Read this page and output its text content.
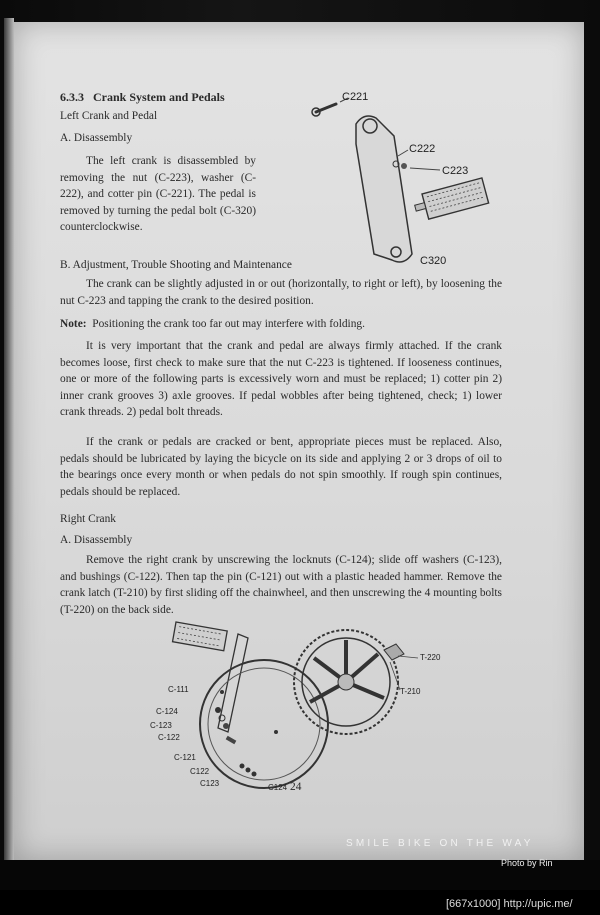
6.3.3 Crank System and Pedals
Left Crank and Pedal
A. Disassembly

The left crank is disassembled by removing the nut (C-223), washer (C-222), and cotter pin (C-221). The pedal is removed by turning the pedal bolt (C-320) counterclockwise.

C221
C222
C223
C320
B. Adjustment, Trouble Shooting and Maintenance

The crank can be slightly adjusted in or out (horizontally, to right or left), by loosening the nut C-223 and tapping the crank to the desired position.

Note: Positioning the crank too far out may interfere with folding.

It is very important that the crank and pedal are always firmly attached. If the crank becomes loose, first check to make sure that the nut C-223 is tightened. If looseness continues, one or more of the following parts is excessively worn and must be replaced; 1) cotter pin 2) inner crank grooves 3) axle grooves. If pedal wobbles after being tightened, check; 1) lower crank threads. 2) pedal bolt threads.

If the crank or pedals are cracked or bent, appropriate pieces must be replaced. Also, pedals should be lubricated by laying the bicycle on its side and applying 2 or 3 drops of oil to the bearings once every month or when pedals do not spin smoothly. If rough spin continues, pedals should be replaced.

Right Crank
A. Disassembly

Remove the right crank by unscrewing the locknuts (C-124); slide off washers (C-123), and bushings (C-122). Then tap the pin (C-121) out with a plastic headed hammer. Remove the crank latch (T-210) by first sliding off the chainwheel, and then unscrewing the 4 mounting bolts (T-220) on the back side.

T-220
T-210
C-111
C-124
C-123
C-122
C-121
C122
C123	C124 24
SMILE BIKE ON THE WAY
Photo by Rin
[667x1000] http://upic.me/
